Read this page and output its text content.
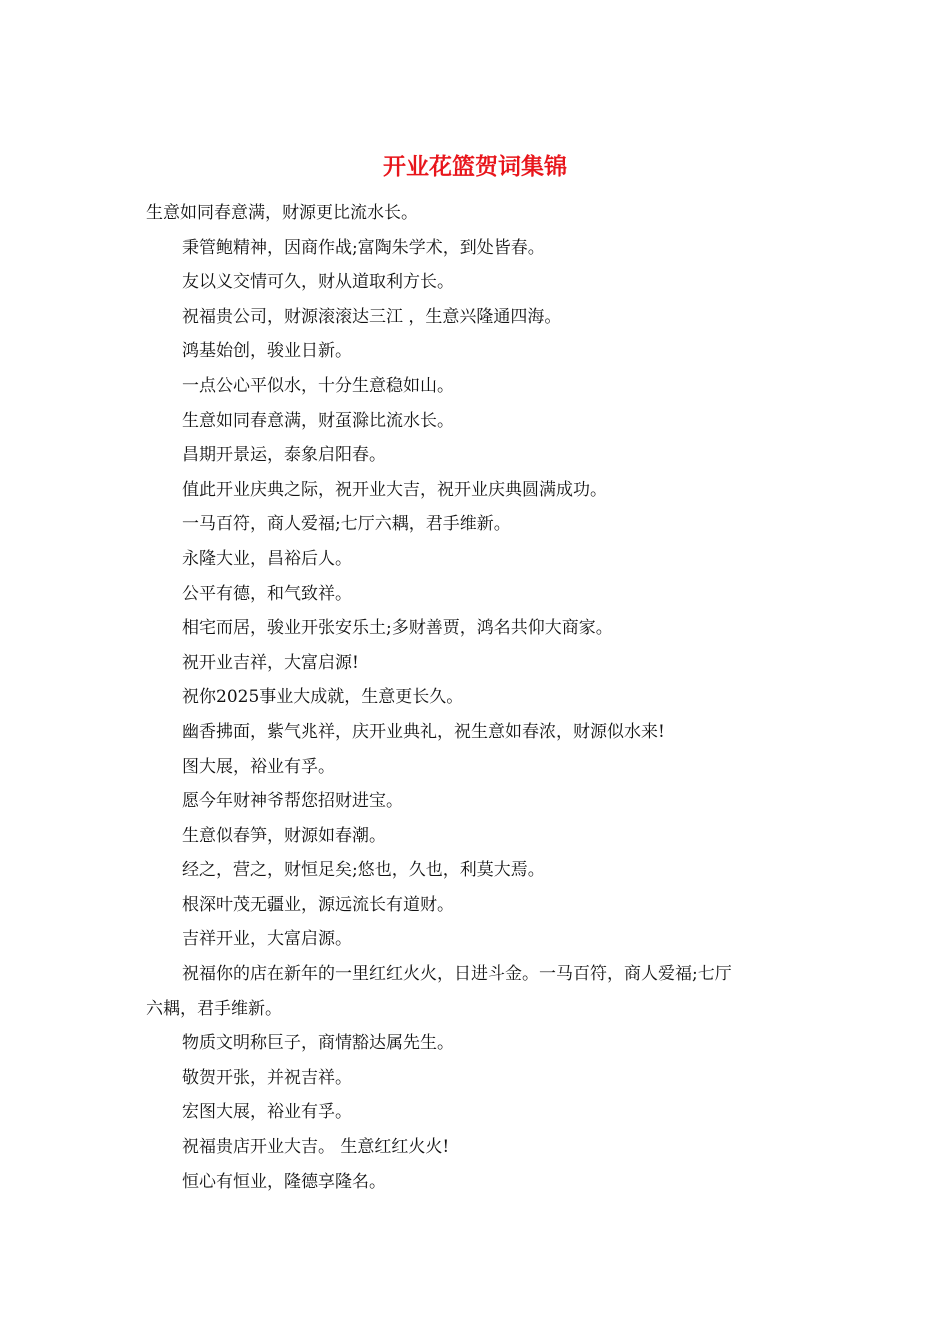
开业花篮贺词集锦
生意如同春意满，财源更比流水长。
秉管鲍精神，因商作战;富陶朱学术，到处皆春。
友以义交情可久，财从道取利方长。
祝福贵公司，财源滚滚达三江 ，生意兴隆通四海。
鸿基始创，骏业日新。
一点公心平似水，十分生意稳如山。
生意如同春意满，财虿滁比流水长。
昌期开景运，泰象启阳春。
值此开业庆典之际，祝开业大吉，祝开业庆典圆满成功。
一马百符，商人爱福;七厅六耦，君手维新。
永隆大业，昌裕后人。
公平有德，和气致祥。
相宅而居，骏业开张安乐土;多财善贾，鸿名共仰大商家。
祝开业吉祥，大富启源!
祝你2025事业大成就，生意更长久。
幽香拂面，紫气兆祥，庆开业典礼，祝生意如春浓，财源似水来!
图大展，裕业有孚。
愿今年财神爷帮您招财进宝。
生意似春笋，财源如春潮。
经之，营之，财恒足矣;悠也，久也，利莫大焉。
根深叶茂无疆业，源远流长有道财。
吉祥开业，大富启源。
祝福你的店在新年的一里红红火火，日进斗金。一马百符，商人爱福;七厅
六耦，君手维新。
物质文明称巨子，商情豁达属先生。
敬贺开张，并祝吉祥。
宏图大展，裕业有孚。
祝福贵店开业大吉。 生意红红火火!
恒心有恒业，隆德享隆名。
